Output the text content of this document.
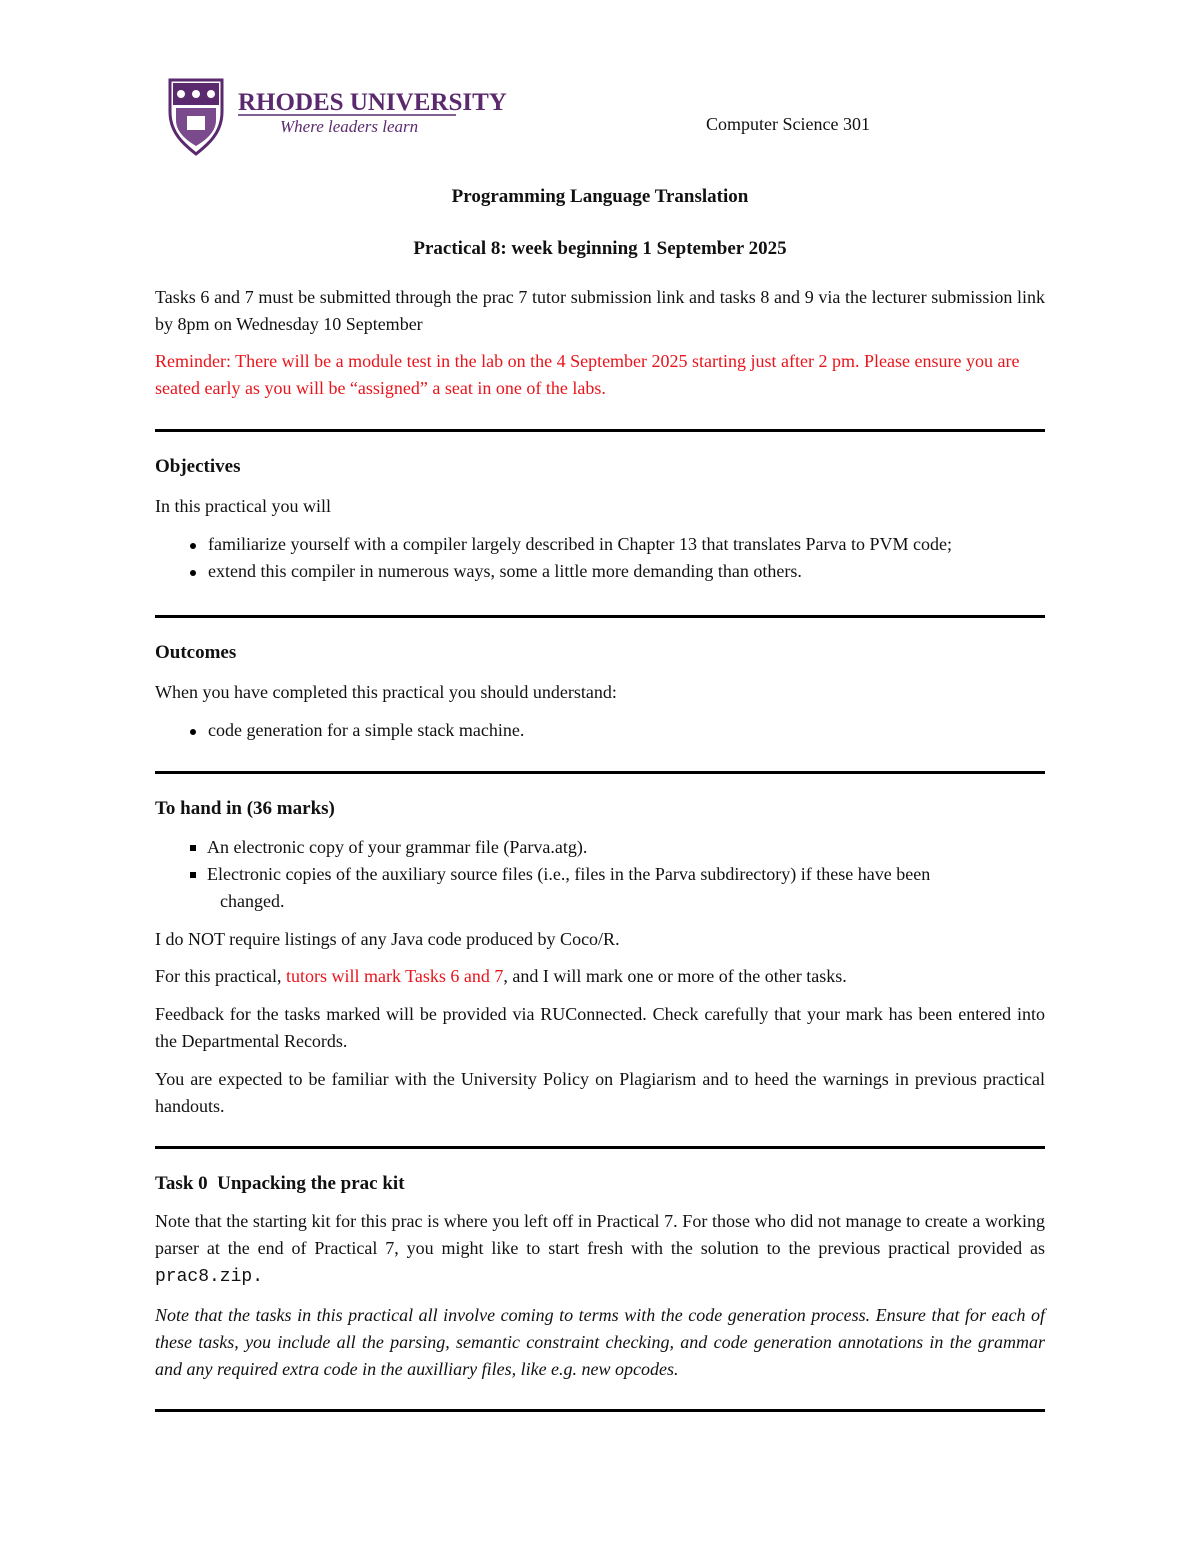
RHODES UNIVERSITY
Where leaders learn	Computer Science 301
Programming Language Translation
Practical 8: week beginning 1 September 2025

Tasks 6 and 7 must be submitted through the prac 7 tutor submission link and tasks 8 and 9 via the lecturer submission link by 8pm on Wednesday 10 September

Reminder: There will be a module test in the lab on the 4 September 2025 starting just after 2 pm. Please ensure you are seated early as you will be “assigned” a seat in one of the labs.

Objectives

In this practical you will

familiarize yourself with a compiler largely described in Chapter 13 that translates Parva to PVM code;
extend this compiler in numerous ways, some a little more demanding than others.
Outcomes

When you have completed this practical you should understand:

code generation for a simple stack machine.
To hand in (36 marks)
An electronic copy of your grammar file (Parva.atg).
Electronic copies of the auxiliary source files (i.e., files in the Parva subdirectory) if these have been
changed.

I do NOT require listings of any Java code produced by Coco/R.

For this practical, tutors will mark Tasks 6 and 7, and I will mark one or more of the other tasks.

Feedback for the tasks marked will be provided via RUConnected. Check carefully that your mark has been entered into the Departmental Records.

You are expected to be familiar with the University Policy on Plagiarism and to heed the warnings in previous practical handouts.

Task 0  Unpacking the prac kit

Note that the starting kit for this prac is where you left off in Practical 7. For those who did not manage to create a working parser at the end of Practical 7, you might like to start fresh with the solution to the previous practical provided as prac8.zip.

Note that the tasks in this practical all involve coming to terms with the code generation process. Ensure that for each of these tasks, you include all the parsing, semantic constraint checking, and code generation annotations in the grammar and any required extra code in the auxilliary files, like e.g. new opcodes.
